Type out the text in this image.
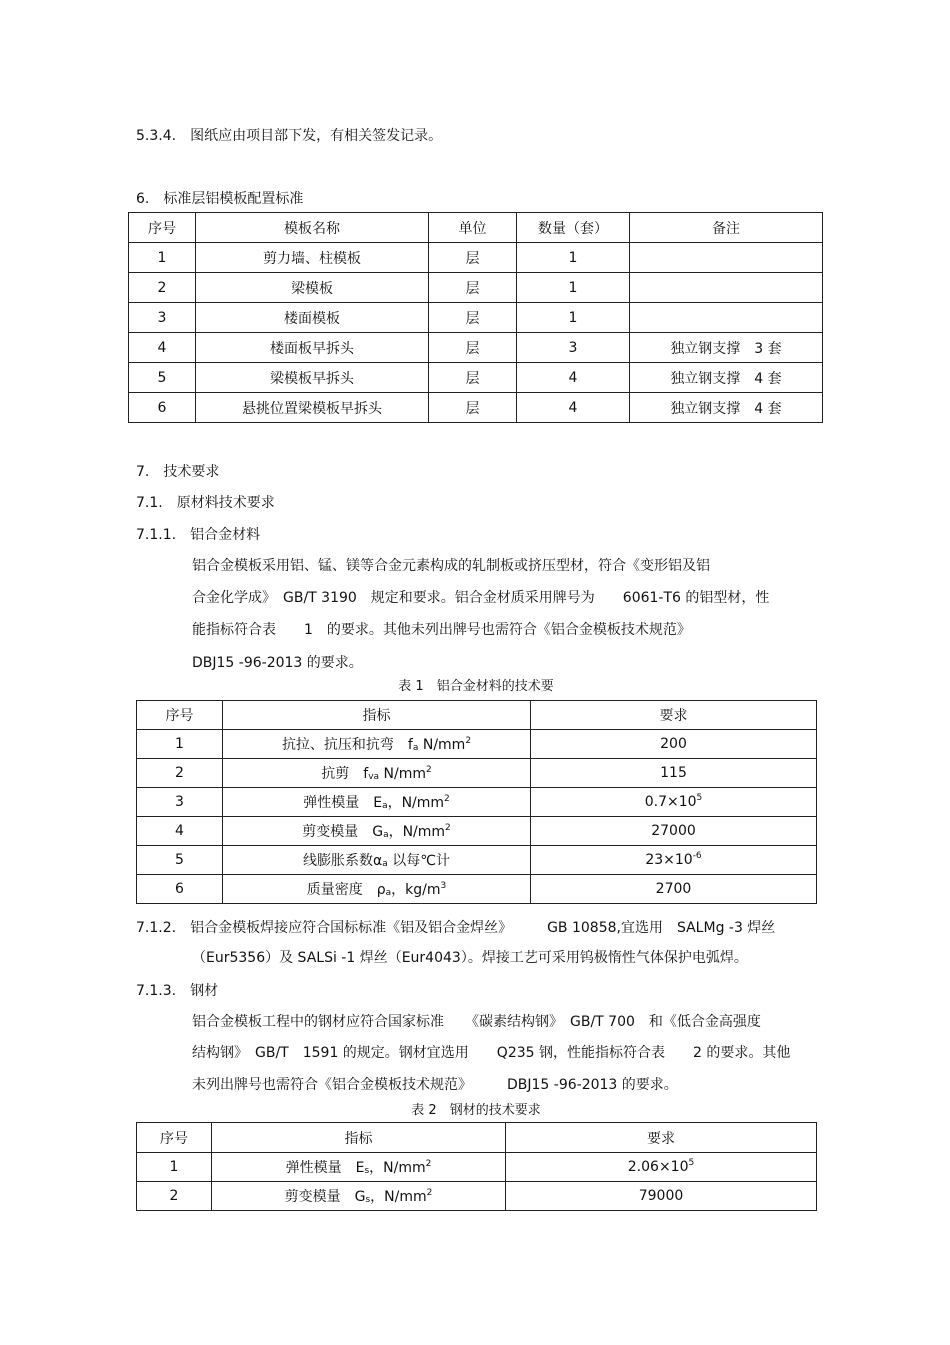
5.3.4.　图纸应由项目部下发，有相关签发记录。
6.　标准层铝模板配置标准
序号	模板名称	单位	数量（套）	备注
1	剪力墙、柱模板	层	1	
2	梁模板	层	1	
3	楼面模板	层	1	
4	楼面板早拆头	层	3	独立钢支撑　3 套
5	梁模板早拆头	层	4	独立钢支撑　4 套
6	悬挑位置梁模板早拆头	层	4	独立钢支撑　4 套
7.　技术要求
7.1.　原材料技术要求
7.1.1.　铝合金材料
铝合金模板采用铝、锰、镁等合金元素构成的轧制板或挤压型材，符合《变形铝及铝
合金化学成》　GB/T 3190　规定和要求。铝合金材质采用牌号为　　6061-T6 的铝型材，性
能指标符合表　　1　的要求。其他未列出牌号也需符合《铝合金模板技术规范》
DBJ15 -96-2013 的要求。
表 1　铝合金材料的技术要
序号	指标	要求
1	抗拉、抗压和抗弯　$f_a$ $N/mm^2$	200
2	抗剪　$f_{va}$ $N/mm^2$	115
3	弹性模量　$E_a$，$N/mm^2$	$0.7\times 10^5$
4	剪变模量　$G_a$，$N/mm^2$	27000
5	线膨胀系数$\alpha_a$ 以每℃计	$23\times 10^{-6}$
6	质量密度　$\rho_a$，$kg/m^3$	2700
7.1.2.　铝合金模板焊接应符合国标标准《铝及铝合金焊丝》　　　GB 10858,宜选用　SALMg -3 焊丝
（Eur5356）及 SALSi -1 焊丝（Eur4043）。焊接工艺可采用钨极惰性气体保护电弧焊。
7.1.3.　钢材
铝合金模板工程中的钢材应符合国家标准　　《碳素结构钢》　GB/T 700　和《低合金高强度
结构钢》　GB/T　1591 的规定。钢材宜选用　　Q235 钢，性能指标符合表　　2 的要求。其他
未列出牌号也需符合《铝合金模板技术规范》　　　DBJ15 -96-2013 的要求。
表 2　钢材的技术要求
序号	指标	要求
1	弹性模量　$E_s$，$N/mm^2$	$2.06\times 10^5$
2	剪变模量　$G_s$，$N/mm^2$	79000
